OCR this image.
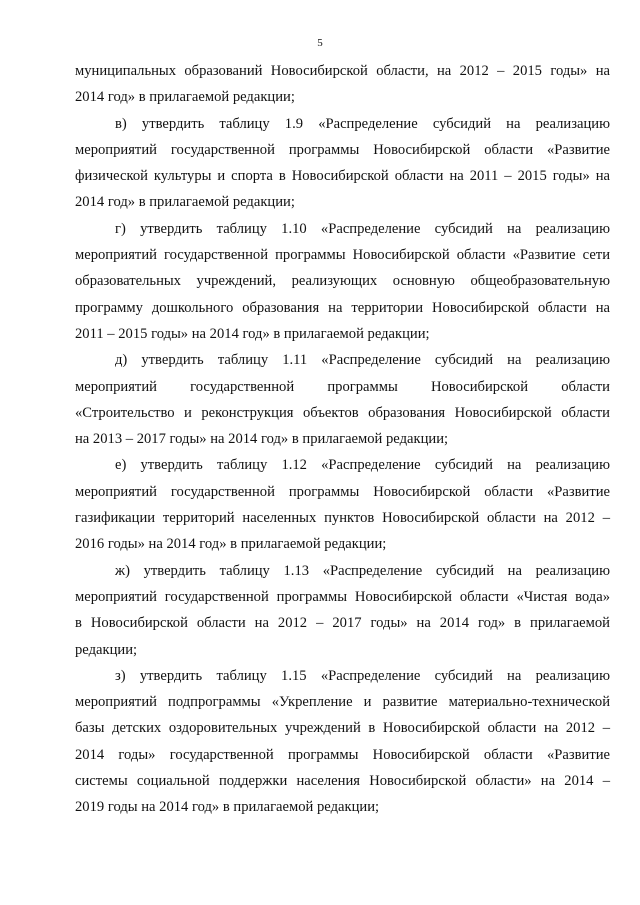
5
муниципальных образований Новосибирской области, на 2012 – 2015 годы» на
2014 год» в прилагаемой редакции;
в) утвердить таблицу 1.9 «Распределение субсидий на реализацию
мероприятий государственной программы Новосибирской области «Развитие
физической культуры и спорта в Новосибирской области на 2011 – 2015 годы» на
2014 год» в прилагаемой редакции;
г) утвердить таблицу 1.10 «Распределение субсидий на реализацию
мероприятий государственной программы Новосибирской области «Развитие сети
образовательных учреждений, реализующих основную общеобразовательную
программу дошкольного образования на территории Новосибирской области на
2011 – 2015 годы» на 2014 год» в прилагаемой редакции;
д) утвердить таблицу 1.11 «Распределение субсидий на реализацию
мероприятий государственной программы Новосибирской области
«Строительство и реконструкция объектов образования Новосибирской области
на 2013 – 2017 годы» на 2014 год» в прилагаемой редакции;
е) утвердить таблицу 1.12 «Распределение субсидий на реализацию
мероприятий государственной программы Новосибирской области «Развитие
газификации территорий населенных пунктов Новосибирской области на 2012 –
2016 годы» на 2014 год» в прилагаемой редакции;
ж) утвердить таблицу 1.13 «Распределение субсидий на реализацию
мероприятий государственной программы Новосибирской области «Чистая вода»
в Новосибирской области на 2012 – 2017 годы» на 2014 год» в прилагаемой
редакции;
з) утвердить таблицу 1.15 «Распределение субсидий на реализацию
мероприятий подпрограммы «Укрепление и развитие материально-технической
базы детских оздоровительных учреждений в Новосибирской области на 2012 –
2014 годы» государственной программы Новосибирской области «Развитие
системы социальной поддержки населения Новосибирской области» на 2014 –
2019 годы на 2014 год» в прилагаемой редакции;
